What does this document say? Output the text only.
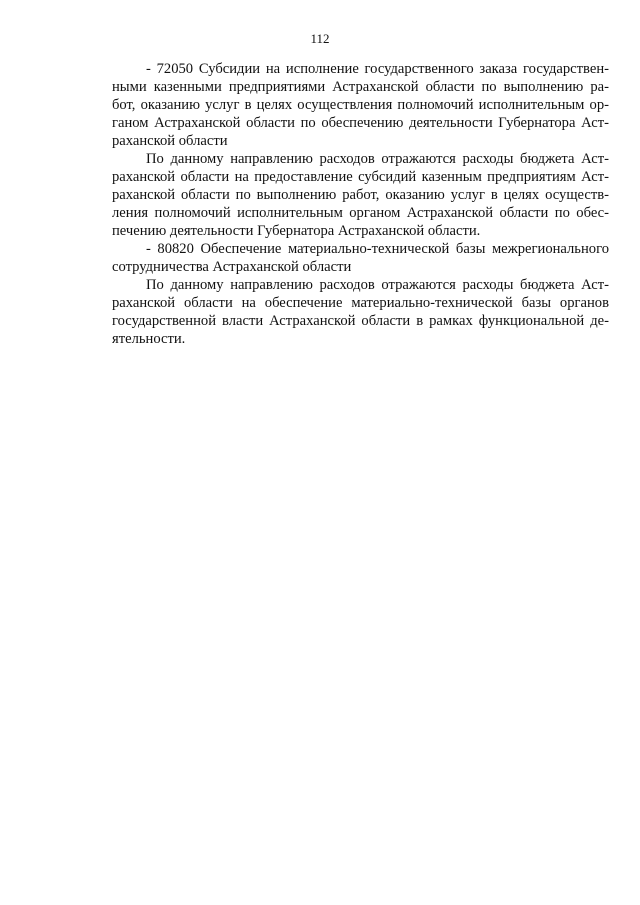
112
- 72050 Субсидии на исполнение государственного заказа государствен-
ными казенными предприятиями Астраханской области по выполнению ра-
бот, оказанию услуг в целях осуществления полномочий исполнительным ор-
ганом Астраханской области по обеспечению деятельности Губернатора Аст-
раханской области
По данному направлению расходов отражаются расходы бюджета Аст-
раханской области на предоставление субсидий казенным предприятиям Аст-
раханской области по выполнению работ, оказанию услуг в целях осуществ-
ления полномочий исполнительным органом Астраханской области по обес-
печению деятельности Губернатора Астраханской области.
- 80820 Обеспечение материально-технической базы межрегионального
сотрудничества Астраханской области
По данному направлению расходов отражаются расходы бюджета Аст-
раханской области на обеспечение материально-технической базы органов
государственной власти Астраханской области в рамках функциональной де-
ятельности.
